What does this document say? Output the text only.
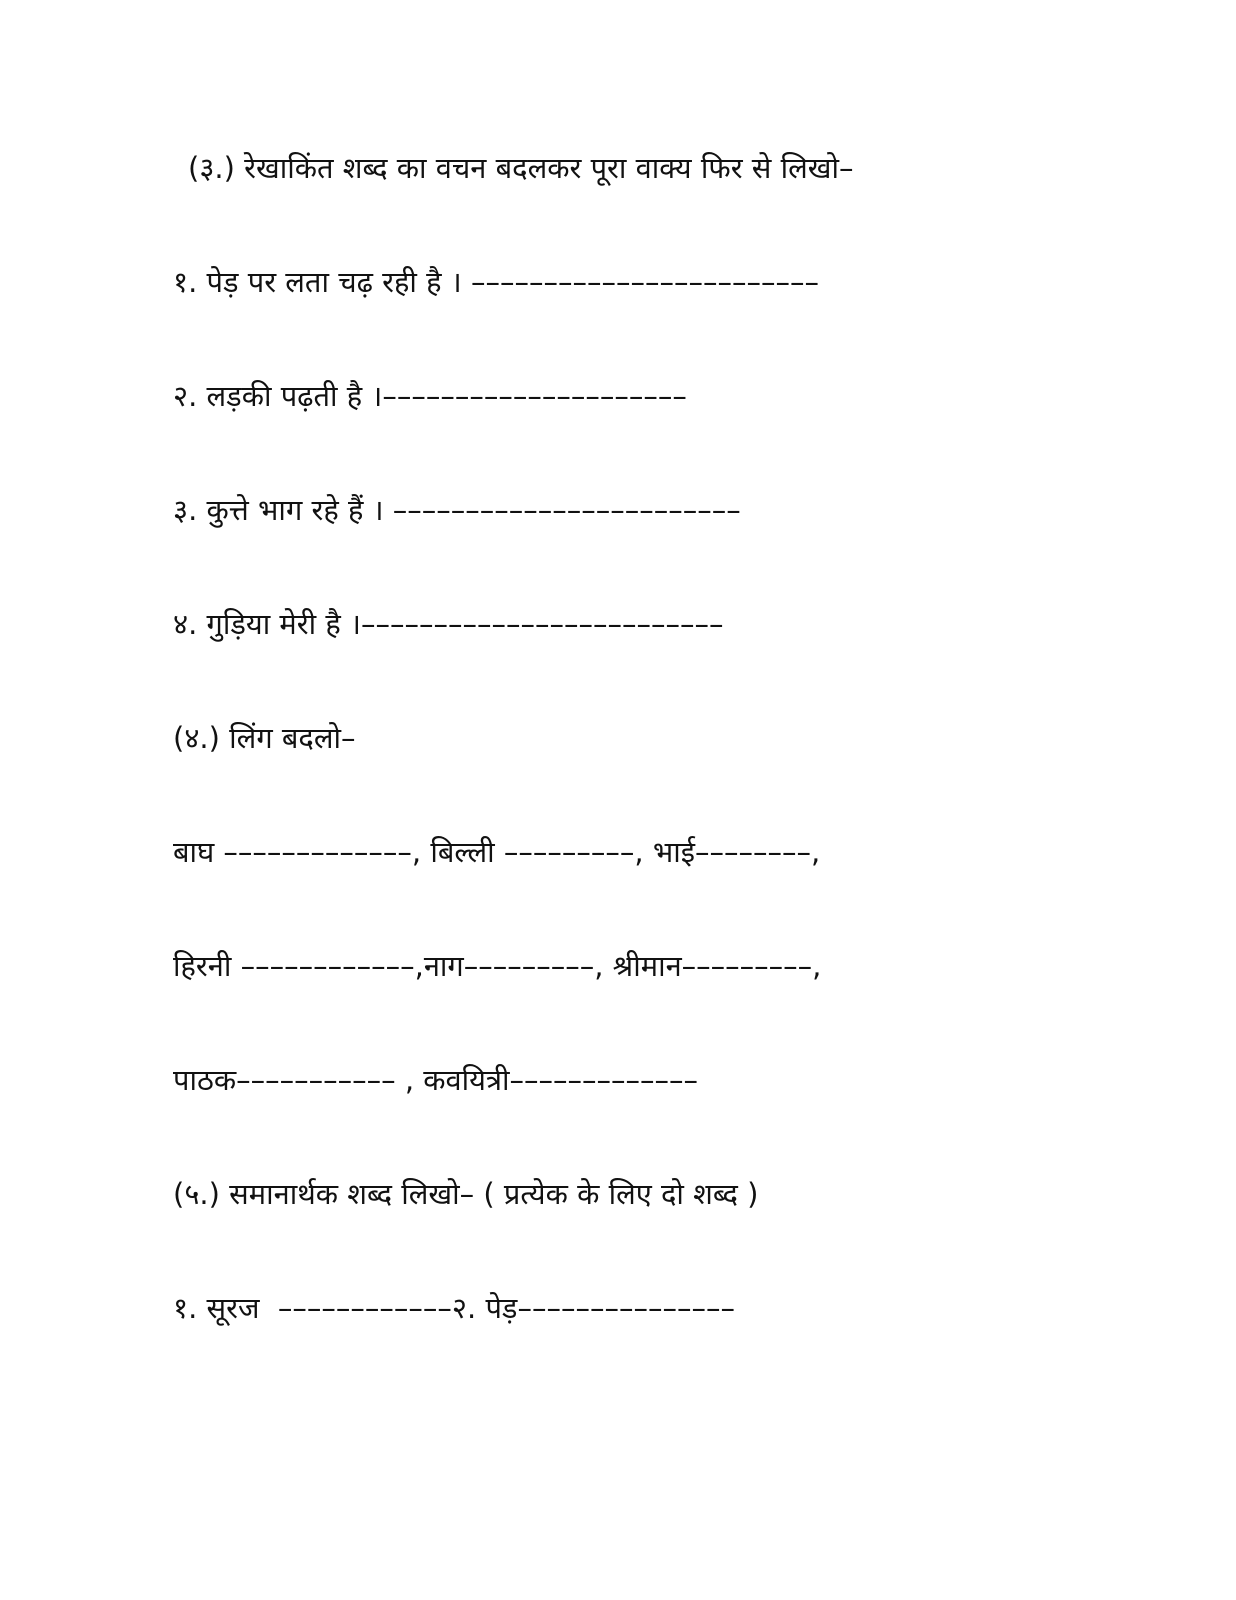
(३.) रेखाकिंत शब्द का वचन बदलकर पूरा वाक्य फिर से लिखो–
१. पेड़ पर लता चढ़ रही है । ––––––––––––––––––––––––
२. लड़की पढ़ती है ।–––––––––––––––––––––
३. कुत्ते भाग रहे हैं । ––––––––––––––––––––––––
४. गुड़िया मेरी है ।–––––––––––––––––––––––––
(४.) लिंग बदलो–
बाघ –––––––––––––, बिल्ली –––––––––, भाई––––––––,
हिरनी ––––––––––––,नाग–––––––––, श्रीमान–––––––––,
पाठक––––––––––– , कवयित्री–––––––––––––
(५.) समानार्थक शब्द लिखो– ( प्रत्येक के लिए दो शब्द )
१. सूरज  ––––––––––––२. पेड़–––––––––––––––
